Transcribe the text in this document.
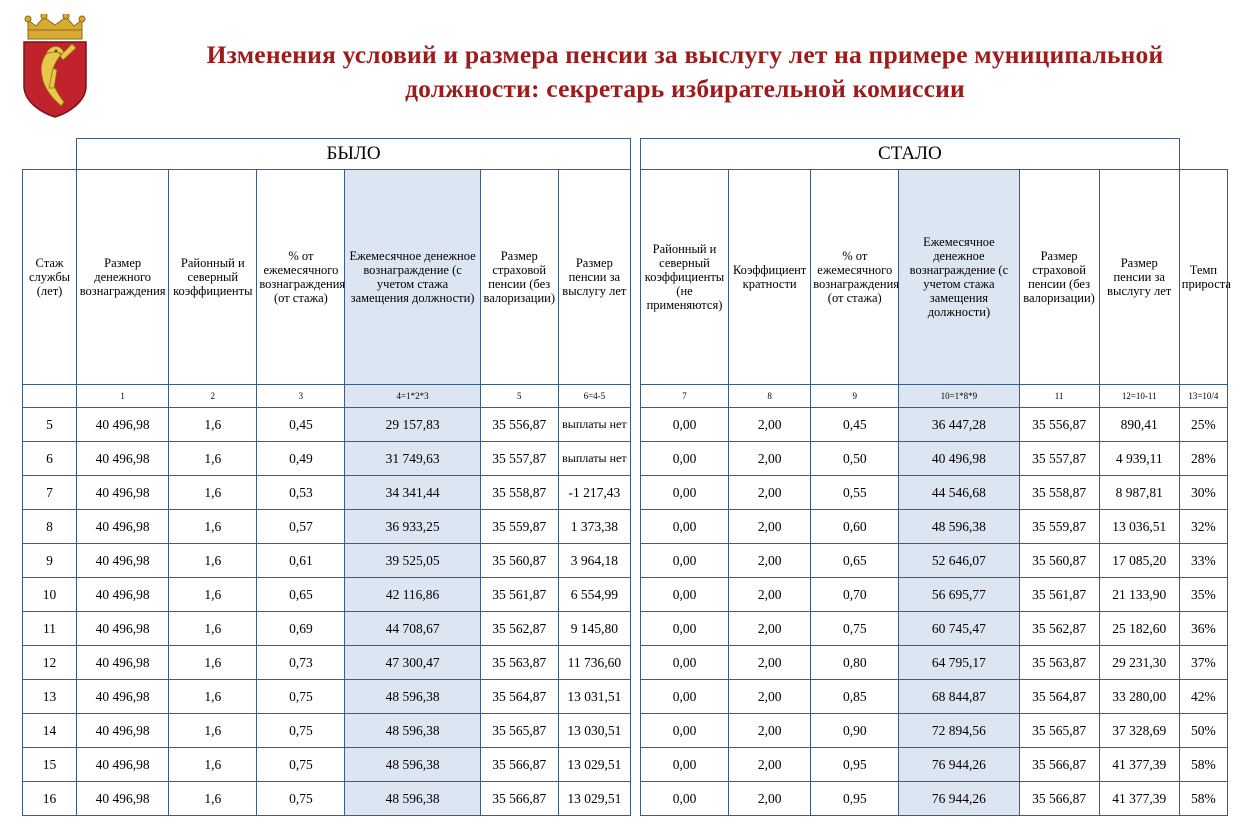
Изменения условий и размера пенсии за выслугу лет на примере муниципальной должности: секретарь избирательной комиссии
	БЫЛО							СТАЛО						
Стаж службы (лет)	Размер денежного вознаграждения	Районный и северный коэффициенты	% от ежемесячного вознаграждения (от стажа)	Ежемесячное денежное вознаграждение (с учетом стажа замещения должности)	Размер страховой пенсии (без валоризации)	Размер пенсии за выслугу лет		Районный и северный коэффициенты (не применяются)	Коэффициент кратности	% от ежемесячного вознаграждения (от стажа)	Ежемесячное денежное вознаграждение (с учетом стажа замещения должности)	Размер страховой пенсии (без валоризации)	Размер пенсии за выслугу лет	Темп прироста
	1	2	3	4=1*2*3	5	6=4-5		7	8	9	10=1*8*9	11	12=10-11	13=10/4
5	40 496,98	1,6	0,45	29 157,83	35 556,87	выплаты нет		0,00	2,00	0,45	36 447,28	35 556,87	890,41	25%
6	40 496,98	1,6	0,49	31 749,63	35 557,87	выплаты нет		0,00	2,00	0,50	40 496,98	35 557,87	4 939,11	28%
7	40 496,98	1,6	0,53	34 341,44	35 558,87	-1 217,43		0,00	2,00	0,55	44 546,68	35 558,87	8 987,81	30%
8	40 496,98	1,6	0,57	36 933,25	35 559,87	1 373,38		0,00	2,00	0,60	48 596,38	35 559,87	13 036,51	32%
9	40 496,98	1,6	0,61	39 525,05	35 560,87	3 964,18		0,00	2,00	0,65	52 646,07	35 560,87	17 085,20	33%
10	40 496,98	1,6	0,65	42 116,86	35 561,87	6 554,99		0,00	2,00	0,70	56 695,77	35 561,87	21 133,90	35%
11	40 496,98	1,6	0,69	44 708,67	35 562,87	9 145,80		0,00	2,00	0,75	60 745,47	35 562,87	25 182,60	36%
12	40 496,98	1,6	0,73	47 300,47	35 563,87	11 736,60		0,00	2,00	0,80	64 795,17	35 563,87	29 231,30	37%
13	40 496,98	1,6	0,75	48 596,38	35 564,87	13 031,51		0,00	2,00	0,85	68 844,87	35 564,87	33 280,00	42%
14	40 496,98	1,6	0,75	48 596,38	35 565,87	13 030,51		0,00	2,00	0,90	72 894,56	35 565,87	37 328,69	50%
15	40 496,98	1,6	0,75	48 596,38	35 566,87	13 029,51		0,00	2,00	0,95	76 944,26	35 566,87	41 377,39	58%
16	40 496,98	1,6	0,75	48 596,38	35 566,87	13 029,51		0,00	2,00	0,95	76 944,26	35 566,87	41 377,39	58%
